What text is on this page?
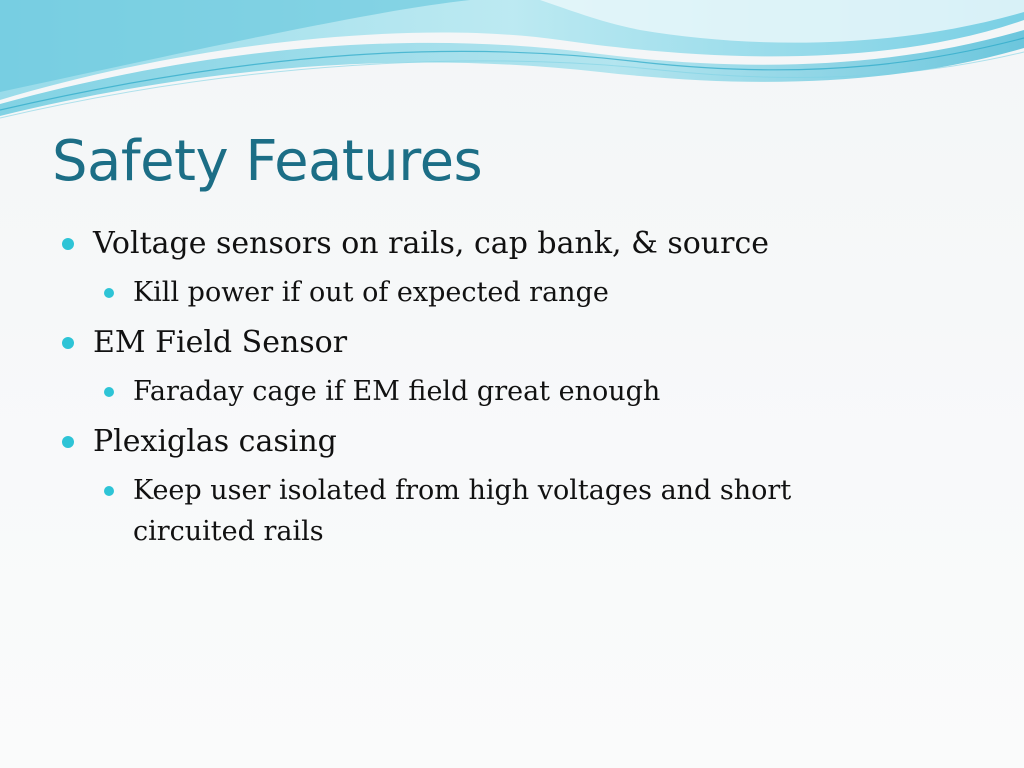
Safety Features
Voltage sensors on rails, cap bank, & source
Kill power if out of expected range
EM Field Sensor
Faraday cage if EM field great enough
Plexiglas casing
Keep user isolated from high voltages and short circuited rails
